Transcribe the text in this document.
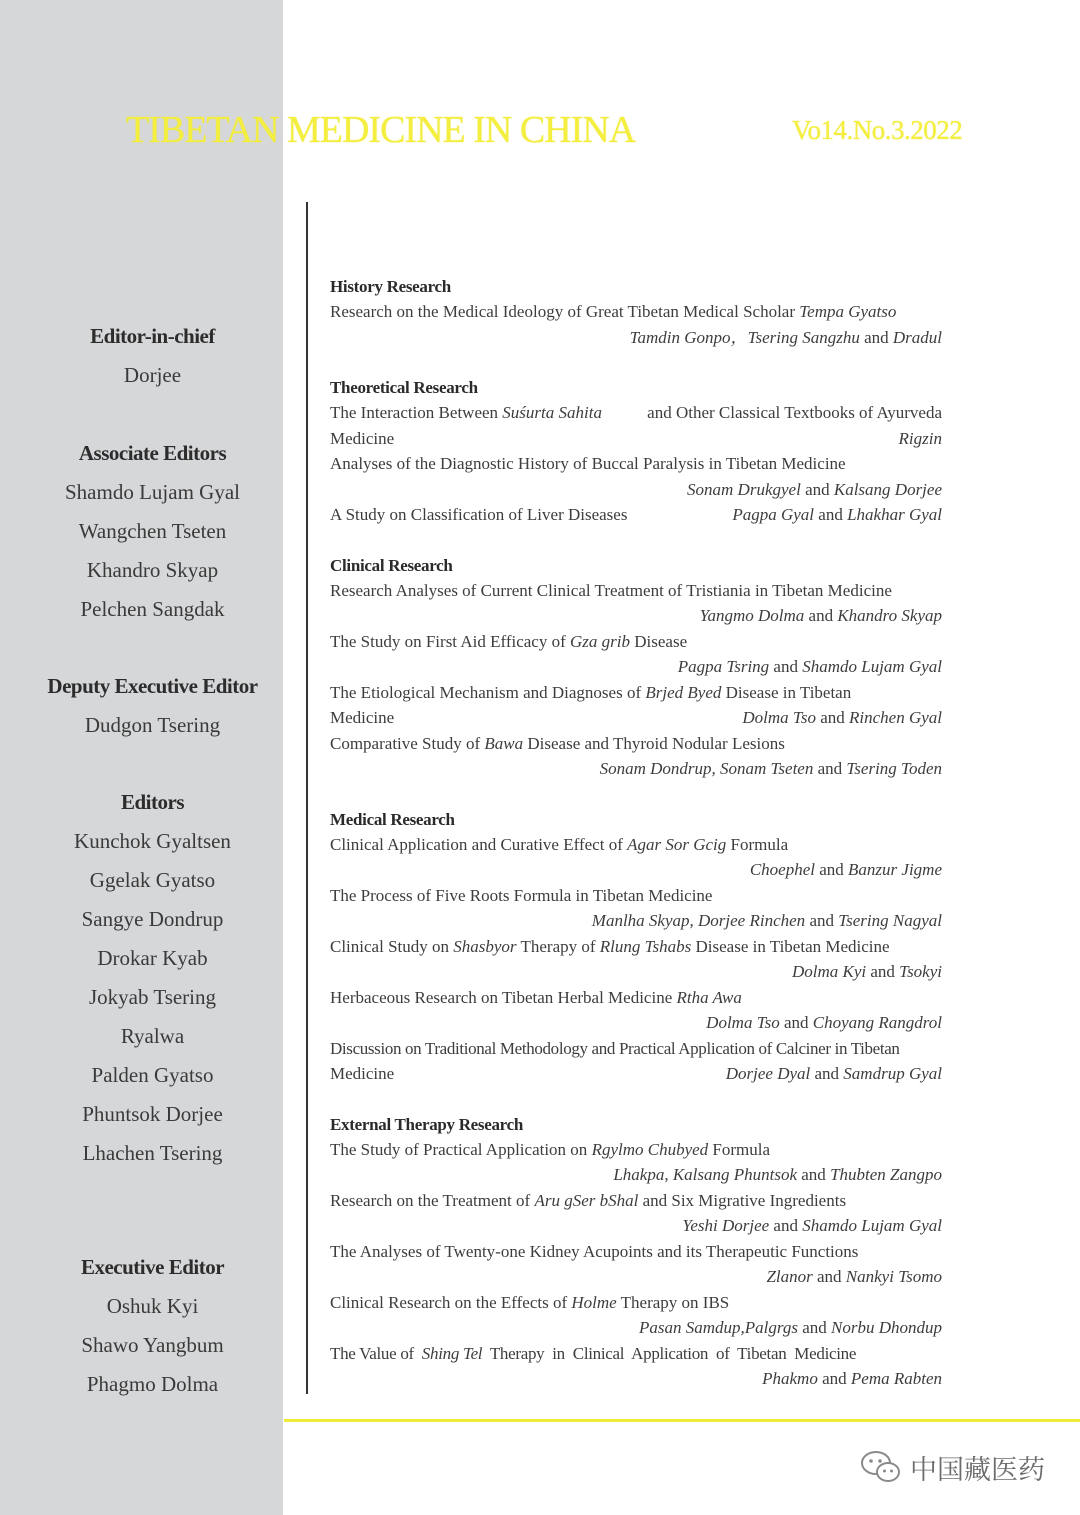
TIBETAN MEDICINE IN CHINA	Vo14.No.3.2022
Editor-in-chief
Dorjee
Associate Editors
Shamdo Lujam Gyal
Wangchen Tseten
Khandro Skyap
Pelchen Sangdak
Deputy Executive Editor
Dudgon Tsering
Editors
Kunchok Gyaltsen
Ggelak Gyatso
Sangye Dondrup
Drokar Kyab
Jokyab Tsering
Ryalwa
Palden Gyatso
Phuntsok Dorjee
Lhachen Tsering
Executive Editor
Oshuk Kyi
Shawo Yangbum
Phagmo Dolma
History Research
Research on the Medical Ideology of Great Tibetan Medical Scholar Tempa Gyatso
Tamdin Gonpo，Tsering Sangzhu and Dradul
Theoretical Research
The Interaction Between Suśurta Sahita	and Other Classical Textbooks of Ayurveda
Medicine	Rigzin
Analyses of the Diagnostic History of Buccal Paralysis in Tibetan Medicine
Sonam Drukgyel and Kalsang Dorjee
A Study on Classification of Liver Diseases	Pagpa Gyal and Lhakhar Gyal
Clinical Research
Research Analyses of Current Clinical Treatment of Tristiania in Tibetan Medicine
Yangmo Dolma and Khandro Skyap
The Study on First Aid Efficacy of Gza grib Disease
Pagpa Tsring and Shamdo Lujam Gyal
The Etiological Mechanism and Diagnoses of Brjed Byed Disease in Tibetan
Medicine	Dolma Tso and Rinchen Gyal
Comparative Study of Bawa Disease and Thyroid Nodular Lesions
Sonam Dondrup, Sonam Tseten and Tsering Toden
Medical Research
Clinical Application and Curative Effect of Agar Sor Gcig Formula
Choephel and Banzur Jigme
The Process of Five Roots Formula in Tibetan Medicine
Manlha Skyap, Dorjee Rinchen and Tsering Nagyal
Clinical Study on Shasbyor Therapy of Rlung Tshabs Disease in Tibetan Medicine
Dolma Kyi and Tsokyi
Herbaceous Research on Tibetan Herbal Medicine Rtha Awa
Dolma Tso and Choyang Rangdrol
Discussion on Traditional Methodology and Practical Application of Calciner in Tibetan
Medicine	Dorjee Dyal and Samdrup Gyal
External Therapy Research
The Study of Practical Application on Rgylmo Chubyed Formula
Lhakpa, Kalsang Phuntsok and Thubten Zangpo
Research on the Treatment of Aru gSer bShal and Six Migrative Ingredients
Yeshi Dorjee and Shamdo Lujam Gyal
The Analyses of Twenty-one Kidney Acupoints and its Therapeutic Functions
Zlanor and Nankyi Tsomo
Clinical Research on the Effects of Holme Therapy on IBS
Pasan Samdup,Palgrgs and Norbu Dhondup
The Value of  Shing Tel  Therapy  in  Clinical  Application  of  Tibetan  Medicine
Phakmo and Pema Rabten
中国藏医药
